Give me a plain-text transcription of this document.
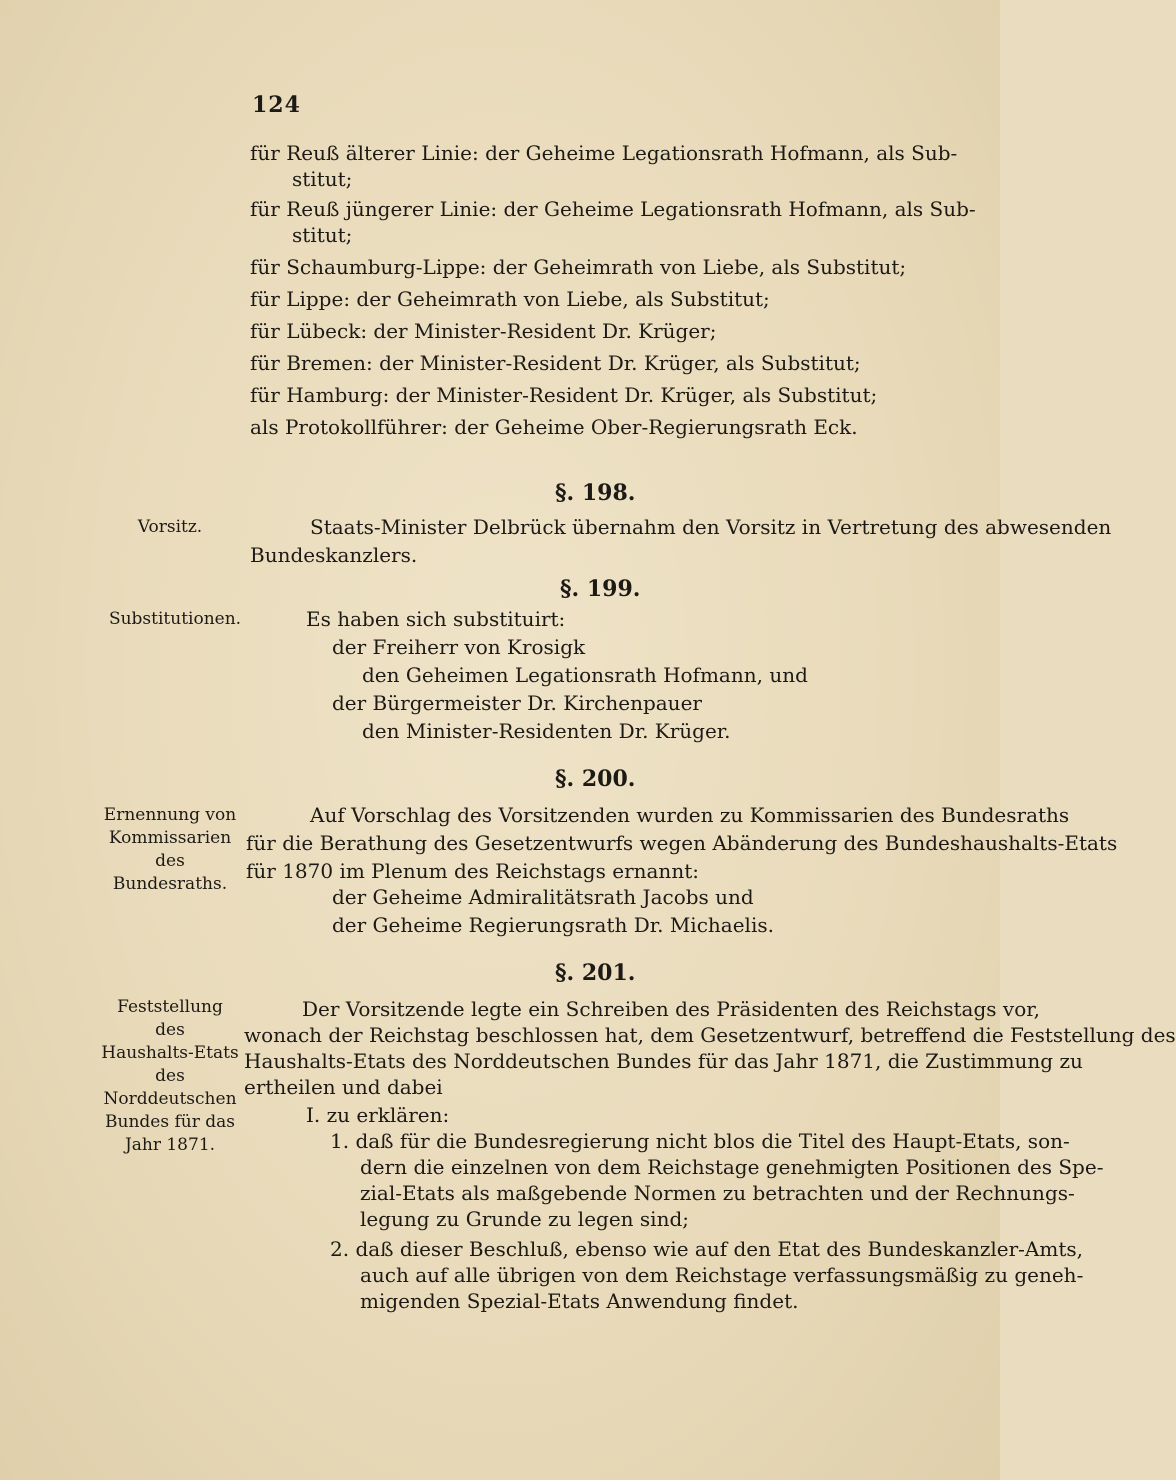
124
für Reuß älterer Linie: der Geheime Legationsrath Hofmann, als Sub-
stitut;
für Reuß jüngerer Linie: der Geheime Legationsrath Hofmann, als Sub-
stitut;
für Schaumburg-Lippe: der Geheimrath von Liebe, als Substitut;
für Lippe: der Geheimrath von Liebe, als Substitut;
für Lübeck: der Minister-Resident Dr. Krüger;
für Bremen: der Minister-Resident Dr. Krüger, als Substitut;
für Hamburg: der Minister-Resident Dr. Krüger, als Substitut;
als Protokollführer: der Geheime Ober-Regierungsrath Eck.
§. 198.
Vorsitz.	Staats-Minister Delbrück übernahm den Vorsitz in Vertretung des abwesenden
Bundeskanzlers.
§. 199.
Substitutionen.	Es haben sich substituirt:
der Freiherr von Krosigk
den Geheimen Legationsrath Hofmann, und
der Bürgermeister Dr. Kirchenpauer
den Minister-Residenten Dr. Krüger.
§. 200.
Ernennung von
Kommissarien des
Bundesraths.
Auf Vorschlag des Vorsitzenden wurden zu Kommissarien des Bundesraths
für die Berathung des Gesetzentwurfs wegen Abänderung des Bundeshaushalts-Etats
für 1870 im Plenum des Reichstags ernannt:
der Geheime Admiralitätsrath Jacobs und
der Geheime Regierungsrath Dr. Michaelis.
§. 201.
Feststellung des
Haushalts-Etats
des Norddeutschen
Bundes für das
Jahr 1871.
Der Vorsitzende legte ein Schreiben des Präsidenten des Reichstags vor,
wonach der Reichstag beschlossen hat, dem Gesetzentwurf, betreffend die Feststellung des
Haushalts-Etats des Norddeutschen Bundes für das Jahr 1871, die Zustimmung zu
ertheilen und dabei
I. zu erklären:
1. daß für die Bundesregierung nicht blos die Titel des Haupt-Etats, son-
dern die einzelnen von dem Reichstage genehmigten Positionen des Spe-
zial-Etats als maßgebende Normen zu betrachten und der Rechnungs-
legung zu Grunde zu legen sind;
2. daß dieser Beschluß, ebenso wie auf den Etat des Bundeskanzler-Amts,
auch auf alle übrigen von dem Reichstage verfassungsmäßig zu geneh-
migenden Spezial-Etats Anwendung findet.
